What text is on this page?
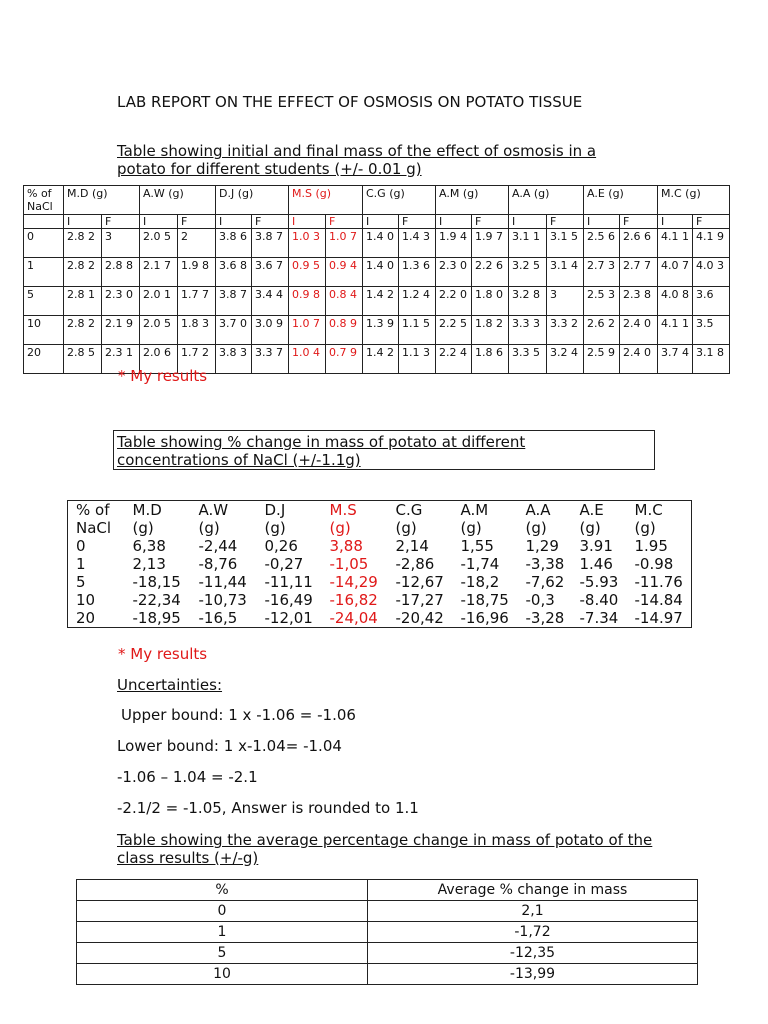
LAB REPORT ON THE EFFECT OF OSMOSIS ON POTATO TISSUE
Table showing initial and final mass of the effect of osmosis in a potato for different students (+/- 0.01 g)
% of NaCl	M.D (g)		A.W (g)		D.J (g)		M.S (g)		C.G (g)		A.M (g)		A.A (g)		A.E (g)		M.C (g)	
	I	F	I	F	I	F	I	F	I	F	I	F	I	F	I	F	I	F
0	2.8 2	3	2.0 5	2	3.8 6	3.8 7	1.0 3	1.0 7	1.4 0	1.4 3	1.9 4	1.9 7	3.1 1	3.1 5	2.5 6	2.6 6	4.1 1	4.1 9
1	2.8 2	2.8 8	2.1 7	1.9 8	3.6 8	3.6 7	0.9 5	0.9 4	1.4 0	1.3 6	2.3 0	2.2 6	3.2 5	3.1 4	2.7 3	2.7 7	4.0 7	4.0 3
5	2.8 1	2.3 0	2.0 1	1.7 7	3.8 7	3.4 4	0.9 8	0.8 4	1.4 2	1.2 4	2.2 0	1.8 0	3.2 8	3	2.5 3	2.3 8	4.0 8	3.6
10	2.8 2	2.1 9	2.0 5	1.8 3	3.7 0	3.0 9	1.0 7	0.8 9	1.3 9	1.1 5	2.2 5	1.8 2	3.3 3	3.3 2	2.6 2	2.4 0	4.1 1	3.5
20	2.8 5	2.3 1	2.0 6	1.7 2	3.8 3	3.3 7	1.0 4	0.7 9	1.4 2	1.1 3	2.2 4	1.8 6	3.3 5	3.2 4	2.5 9	2.4 0	3.7 4	3.1 8
* My results
Table showing % change in mass of potato at different concentrations of NaCl (+/-1.1g)
% of	M.D	A.W	D.J	M.S	C.G	A.M	A.A	A.E	M.C
NaCl	(g)	(g)	(g)	(g)	(g)	(g)	(g)	(g)	(g)
0	6,38	-2,44	0,26	3,88	2,14	1,55	1,29	3.91	1.95
1	2,13	-8,76	-0,27	-1,05	-2,86	-1,74	-3,38	1.46	-0.98
5	-18,15	-11,44	-11,11	-14,29	-12,67	-18,2	-7,62	-5.93	-11.76
10	-22,34	-10,73	-16,49	-16,82	-17,27	-18,75	-0,3	-8.40	-14.84
20	-18,95	-16,5	-12,01	-24,04	-20,42	-16,96	-3,28	-7.34	-14.97
* My results
Uncertainties:
Upper bound: 1 x -1.06 = -1.06
Lower bound: 1 x-1.04= -1.04
-1.06 – 1.04 = -2.1
-2.1/2 = -1.05, Answer is rounded to 1.1
Table showing the average percentage change in mass of potato of the class results (+/-g)
%	Average % change in mass
0	2,1
1	-1,72
5	-12,35
10	-13,99
